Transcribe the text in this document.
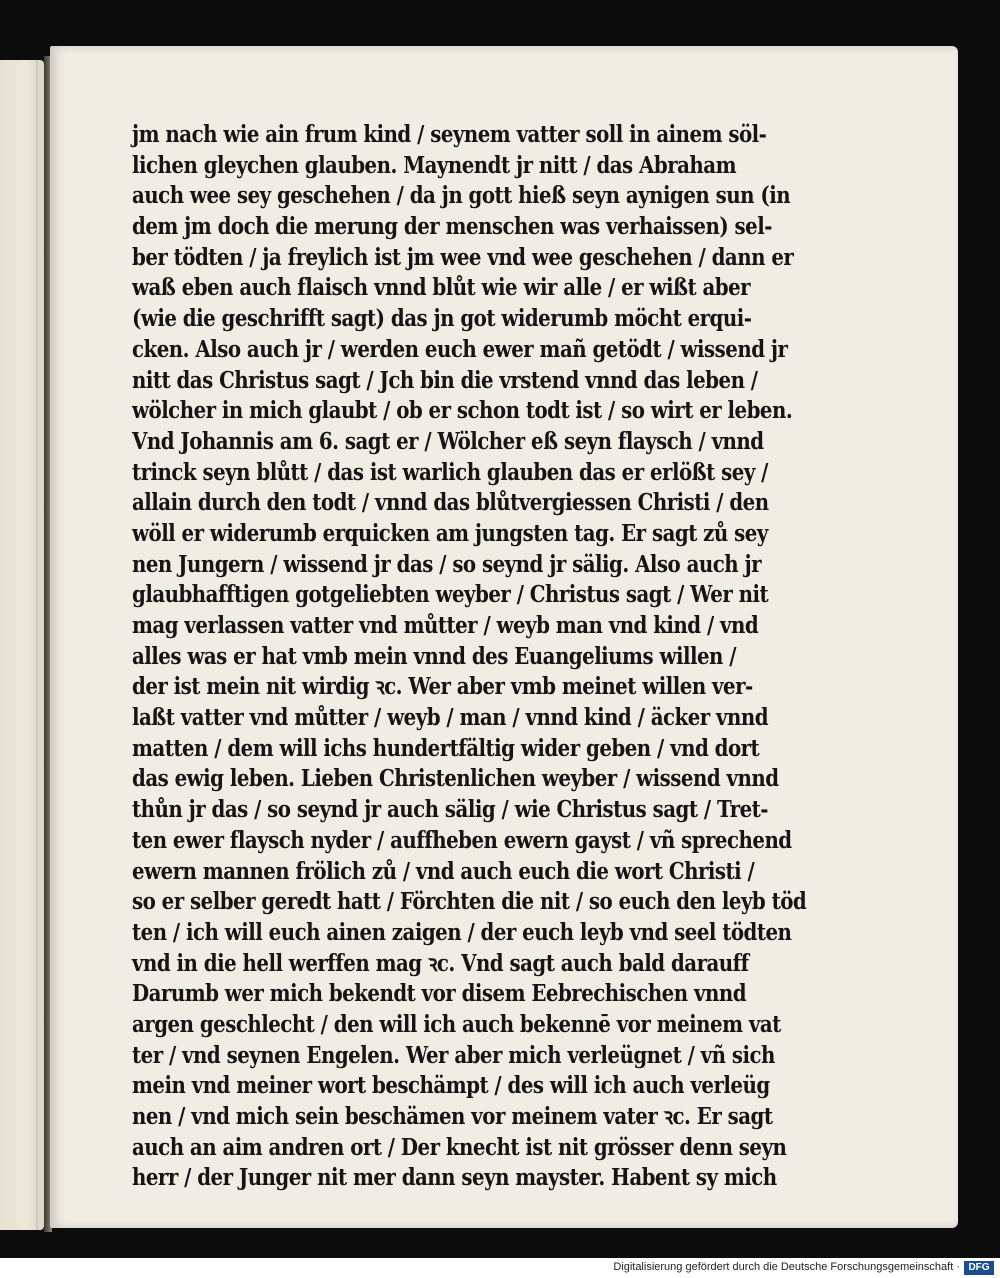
jm nach wie ain frum kind / seynem vatter soll in ainem söl-
lichen gleychen glauben. Maynendt jr nitt / das Abraham
auch wee sey geschehen / da jn gott hieß seyn aynigen sun (in
dem jm doch die merung der menschen was verhaissen) sel-
ber tödten / ja freylich ist jm wee vnd wee geschehen / dann er
waß eben auch flaisch vnnd blůt wie wir alle / er wißt aber
(wie die geschrifft sagt) das jn got widerumb möcht erqui-
cken. Also auch jr / werden euch ewer mañ getödt / wissend jr
nitt das Christus sagt / Jch bin die vrstend vnnd das leben /
wölcher in mich glaubt / ob er schon todt ist / so wirt er leben.
Vnd Johannis am 6. sagt er / Wölcher eß seyn flaysch / vnnd
trinck seyn blůtt / das ist warlich glauben das er erlößt sey /
allain durch den todt / vnnd das blůtvergiessen Christi / den
wöll er widerumb erquicken am jungsten tag. Er sagt zů sey
nen Jungern / wissend jr das / so seynd jr sälig. Also auch jr
glaubhafftigen gotgeliebten weyber / Christus sagt / Wer nit
mag verlassen vatter vnd můtter / weyb man vnd kind / vnd
alles was er hat vmb mein vnnd des Euangeliums willen /
der ist mein nit wirdig ꝛc. Wer aber vmb meinet willen ver-
laßt vatter vnd můtter / weyb / man / vnnd kind / äcker vnnd
matten / dem will ichs hundertfältig wider geben / vnd dort
das ewig leben. Lieben Christenlichen weyber / wissend vnnd
thůn jr das / so seynd jr auch sälig / wie Christus sagt / Tret-
ten ewer flaysch nyder / auffheben ewern gayst / vñ sprechend
ewern mannen frölich zů / vnd auch euch die wort Christi /
so er selber geredt hatt / Förchten die nit / so euch den leyb töd
ten / ich will euch ainen zaigen / der euch leyb vnd seel tödten
vnd in die hell werffen mag ꝛc. Vnd sagt auch bald darauff
Darumb wer mich bekendt vor disem Eebrechischen vnnd
argen geschlecht / den will ich auch bekennē vor meinem vat
ter / vnd seynen Engelen. Wer aber mich verleügnet / vñ sich
mein vnd meiner wort beschämpt / des will ich auch verleüg
nen / vnd mich sein beschämen vor meinem vater ꝛc. Er sagt
auch an aim andren ort / Der knecht ist nit grösser denn seyn
herr / der Junger nit mer dann seyn mayster. Habent sy mich
Digitalisierung gefördert durch die Deutsche Forschungsgemeinschaft · DFG
